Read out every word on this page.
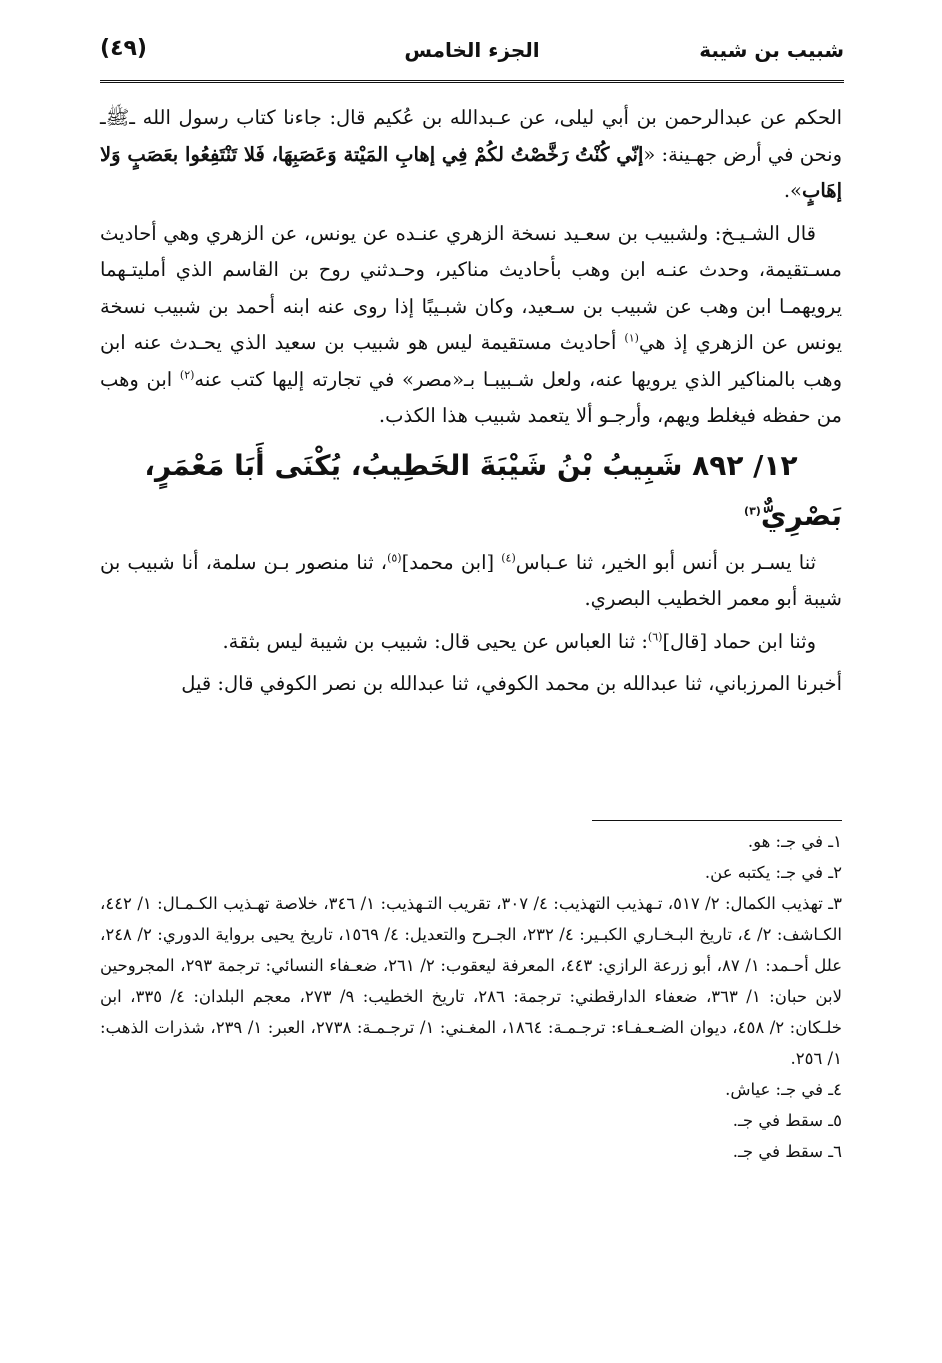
شبيب بن شيبة
الجزء الخامس
(٤٩)

الحكم عن عبدالرحمن بن أبي ليلى، عن عـبدالله بن عُكيم قال: جاءنا كتاب رسول الله ـﷺـ ونحن في أرض جهـينة: «إنّي كُنْتُ رَخَّصْتُ لكُمْ فِي إهابِ المَيْتة وَعَصَبِهَا، فَلا تَنْتَفِعُوا بعَصَبٍ وَلا إهَابٍ».

قال الشـيـخ: ولشبيب بن سعـيد نسخة الزهري عنـده عن يونس، عن الزهري وهي أحاديث مسـتقيمة، وحدث عنـه ابن وهب بأحاديث مناكير، وحـدثني روح بن القاسم الذي أمليتـهما يرويهمـا ابن وهب عن شبيب بن سـعيد، وكان شبـيبًا إذا روى عنه ابنه أحمد بن شبيب نسخة يونس عن الزهري إذ هي$^{(١)}$ أحاديث مستقيمة ليس هو شبيب بن سعيد الذي يحـدث عنه ابن وهب بالمناكير الذي يرويها عنه، ولعل شـبيبـا بـ«مصر» في تجارته إليها كتب عنه$^{(٢)}$ ابن وهب من حفظه فيغلط ويهم، وأرجـو ألا يتعمد شبيب هذا الكذب.

١٢/ ٨٩٢ شَبِيبُ بْنُ شَيْبَةَ الخَطِيبُ، يُكْنَى أَبَا مَعْمَرٍ، بَصْرِيٌّ$^{(٣)}$

ثنا يسـر بن أنس أبو الخير، ثنا عـباس$^{(٤)}$ [ابن محمد]$^{(٥)}$، ثنا منصور بـن سلمة، أنا شبيب بن شيبة أبو معمر الخطيب البصري.

وثنا ابن حماد [قال]$^{(٦)}$: ثنا العباس عن يحيى قال: شبيب بن شيبة ليس بثقة.

أخبرنا المرزباني، ثنا عبدالله بن محمد الكوفي، ثنا عبدالله بن نصر الكوفي قال: قيل

١ـ في جـ: هو.

٢ـ في جـ: يكتبه عن.

٣ـ تهذيب الكمال: ٢/ ٥١٧، تـهذيب التهذيب: ٤/ ٣٠٧، تقريب التـهذيب: ١/ ٣٤٦، خلاصة تهـذيب الكـمـال: ١/ ٤٤٢، الكـاشف: ٢/ ٤، تاريخ البـخـاري الكبـير: ٤/ ٢٣٢، الجـرح والتعديل: ٤/ ١٥٦٩، تاريخ يحيى برواية الدوري: ٢/ ٢٤٨، علل أحـمد: ١/ ٨٧، أبو زرعة الرازي: ٤٤٣، المعرفة ليعقوب: ٢/ ٢٦١، ضعـفاء النسائي: ترجمة ٢٩٣، المجروحين لابن حبان: ١/ ٣٦٣، ضعفاء الدارقطني: ترجمة: ٢٨٦، تاريخ الخطيب: ٩/ ٢٧٣، معجم البلدان: ٤/ ٣٣٥، ابن خلـكان: ٢/ ٤٥٨، ديوان الضـعـفـاء: ترجـمـة: ١٨٦٤، المغـني: ١/ ترجـمـة: ٢٧٣٨، العبر: ١/ ٢٣٩، شذرات الذهب: ١/ ٢٥٦.

٤ـ في جـ: عياش.

٥ـ سقط في جـ.

٦ـ سقط في جـ.
